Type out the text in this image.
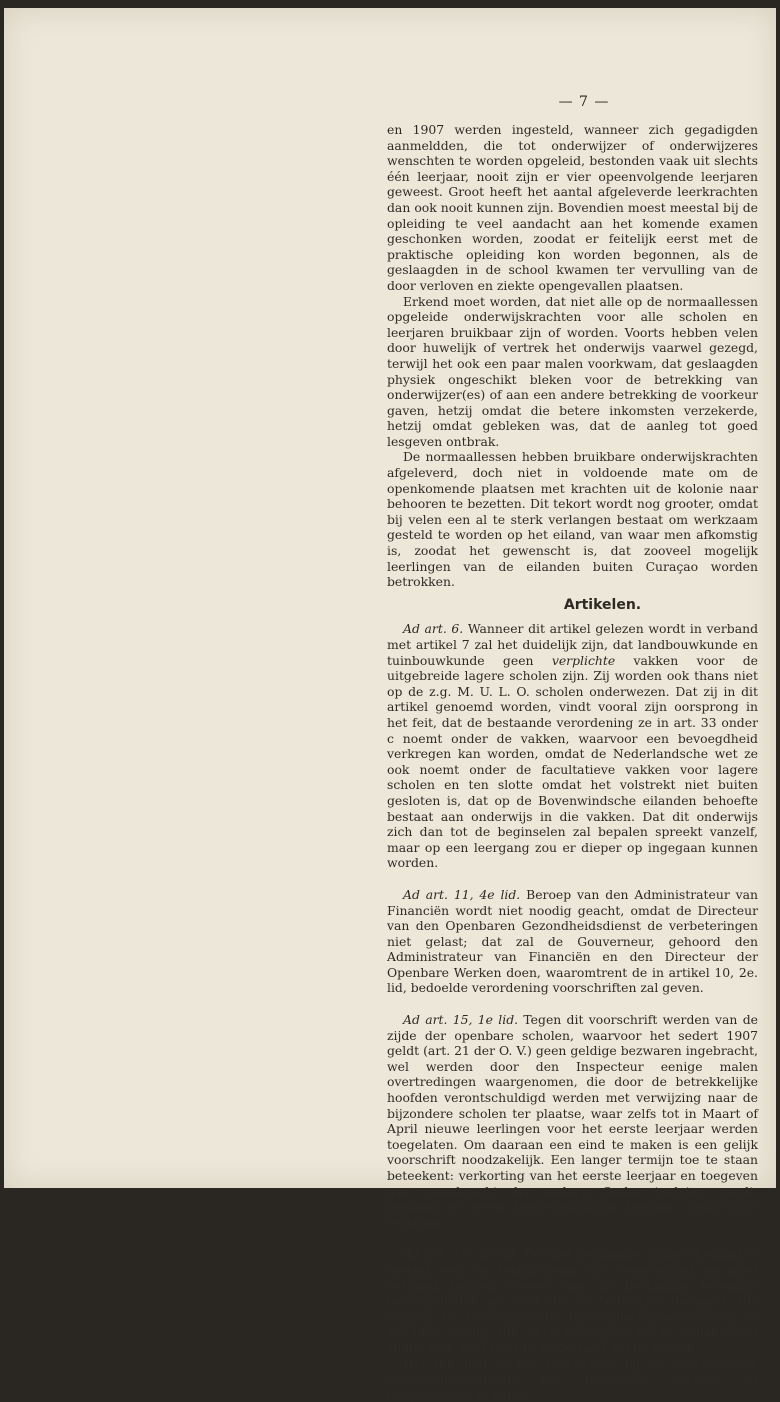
— 7 —

en 1907 werden ingesteld, wanneer zich gegadigden aanmeldden, die tot onderwijzer of onderwijzeres wenschten te worden opgeleid, bestonden vaak uit slechts één leerjaar, nooit zijn er vier opeenvolgende leerjaren geweest. Groot heeft het aantal afgeleverde leerkrachten dan ook nooit kunnen zijn. Bovendien moest meestal bij de opleiding te veel aandacht aan het komende examen geschonken worden, zoodat er feitelijk eerst met de praktische opleiding kon worden begonnen, als de geslaagden in de school kwamen ter vervulling van de door verloven en ziekte opengevallen plaatsen.

Erkend moet worden, dat niet alle op de normaallessen opgeleide onderwijskrachten voor alle scholen en leerjaren bruikbaar zijn of worden. Voorts hebben velen door huwelijk of vertrek het onderwijs vaarwel gezegd, terwijl het ook een paar malen voorkwam, dat geslaagden physiek ongeschikt bleken voor de betrekking van onderwijzer(es) of aan een andere betrekking de voorkeur gaven, hetzij omdat die betere inkomsten verzekerde, hetzij omdat gebleken was, dat de aanleg tot goed lesgeven ontbrak.

De normaallessen hebben bruikbare onderwijskrachten afgeleverd, doch niet in voldoende mate om de openkomende plaatsen met krachten uit de kolonie naar behooren te bezetten. Dit tekort wordt nog grooter, omdat bij velen een al te sterk verlangen bestaat om werkzaam gesteld te worden op het eiland, van waar men afkomstig is, zoodat het gewenscht is, dat zooveel mogelijk leerlingen van de eilanden buiten Curaçao worden betrokken.

Artikelen.

Ad art. 6. Wanneer dit artikel gelezen wordt in verband met artikel 7 zal het duidelijk zijn, dat landbouwkunde en tuinbouwkunde geen verplichte vakken voor de uitgebreide lagere scholen zijn. Zij worden ook thans niet op de z.g. M. U. L. O. scholen onderwezen. Dat zij in dit artikel genoemd worden, vindt vooral zijn oorsprong in het feit, dat de bestaande verordening ze in art. 33 onder c noemt onder de vakken, waarvoor een bevoegdheid verkregen kan worden, omdat de Nederlandsche wet ze ook noemt onder de facultatieve vakken voor lagere scholen en ten slotte omdat het volstrekt niet buiten gesloten is, dat op de Bovenwindsche eilanden behoefte bestaat aan onderwijs in die vakken. Dat dit onderwijs zich dan tot de beginselen zal bepalen spreekt vanzelf, maar op een leergang zou er dieper op ingegaan kunnen worden.

Ad art. 11, 4e lid. Beroep van den Administrateur van Financiën wordt niet noodig geacht, omdat de Directeur van den Openbaren Gezondheidsdienst de verbeteringen niet gelast; dat zal de Gouverneur, gehoord den Administrateur van Financiën en den Directeur der Openbare Werken doen, waaromtrent de in artikel 10, 2e. lid, bedoelde verordening voorschriften zal geven.

Ad art. 15, 1e lid. Tegen dit voorschrift werden van de zijde der openbare scholen, waarvoor het sedert 1907 geldt (art. 21 der O. V.) geen geldige bezwaren ingebracht, wel werden door den Inspecteur eenige malen overtredingen waargenomen, die door de betrekkelijke hoofden verontschuldigd werden met verwijzing naar de bijzondere scholen ter plaatse, waar zelfs tot in Maart of April nieuwe leerlingen voor het eerste leerjaar werden toegelaten. Om daaraan een eind te maken is een gelijk voorschrift noodzakelijk. Een langer termijn toe te staan beteekent: verkorting van het eerste leerjaar en toegeven aan gemakzucht der ouders. Onder toelaten wordt, zoolang er geen leerverplichting bestaat, inschrijven verstaan.

Ad art. 17, 2e lid. De hier gemaakte onderscheiding is noodig voor de terminologie der verordening en moet verband houden zoowel met de bestaande koloniale bevoegdheden als met die in Nederland behaald, die volgens de Nederlandsche lageronderwijswet ook in de koloniën geldig zijn en ook volgens de in behandeling zijnde wet- De Visser in Nederland geldig blijven.

Het ligt niet in het voornemen bij de voorgenomen bezoldigingsregeling het bestaande klassen- of rangenstelsel te hand-
